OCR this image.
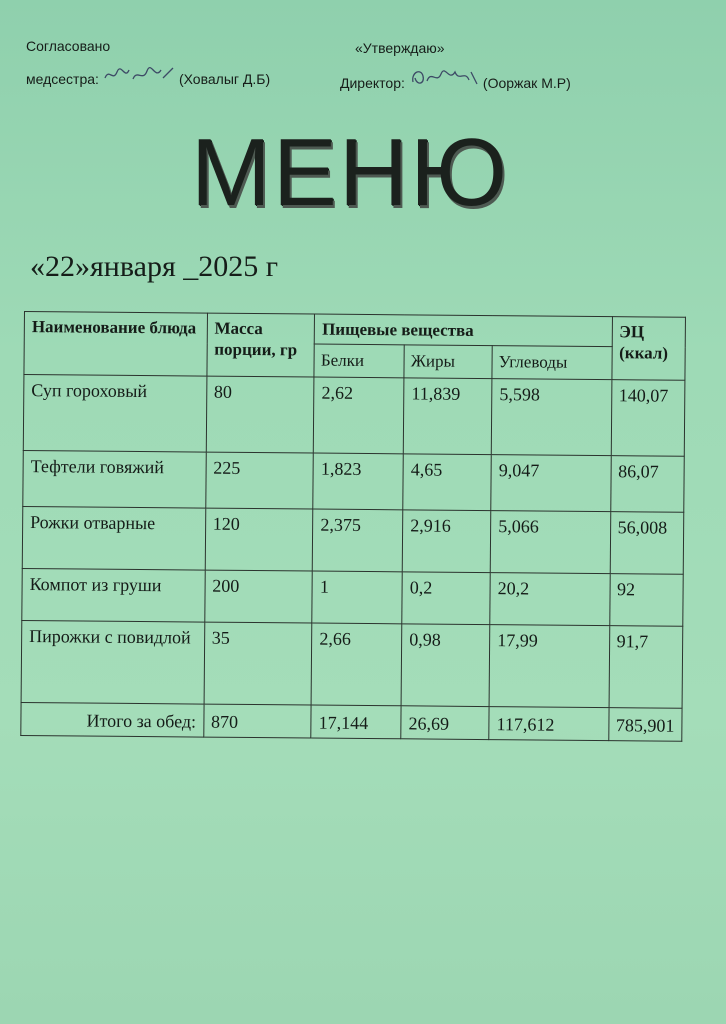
Согласовано
медсестра:	(Ховалыг Д.Б)
«Утверждаю»
Директор:	(Ооржак М.Р)
МЕНЮ
«22»января _2025 г
Наименование блюда	Масса порции, гр	Пищевые вещества			ЭЦ (ккал)
		Белки	Жиры	Углеводы	
Суп гороховый	80	2,62	11,839	5,598	140,07
Тефтели говяжий	225	1,823	4,65	9,047	86,07
Рожки отварные	120	2,375	2,916	5,066	56,008
Компот из груши	200	1	0,2	20,2	92
Пирожки с повидлой	35	2,66	0,98	17,99	91,7
Итого за обед:	870	17,144	26,69	117,612	785,901
